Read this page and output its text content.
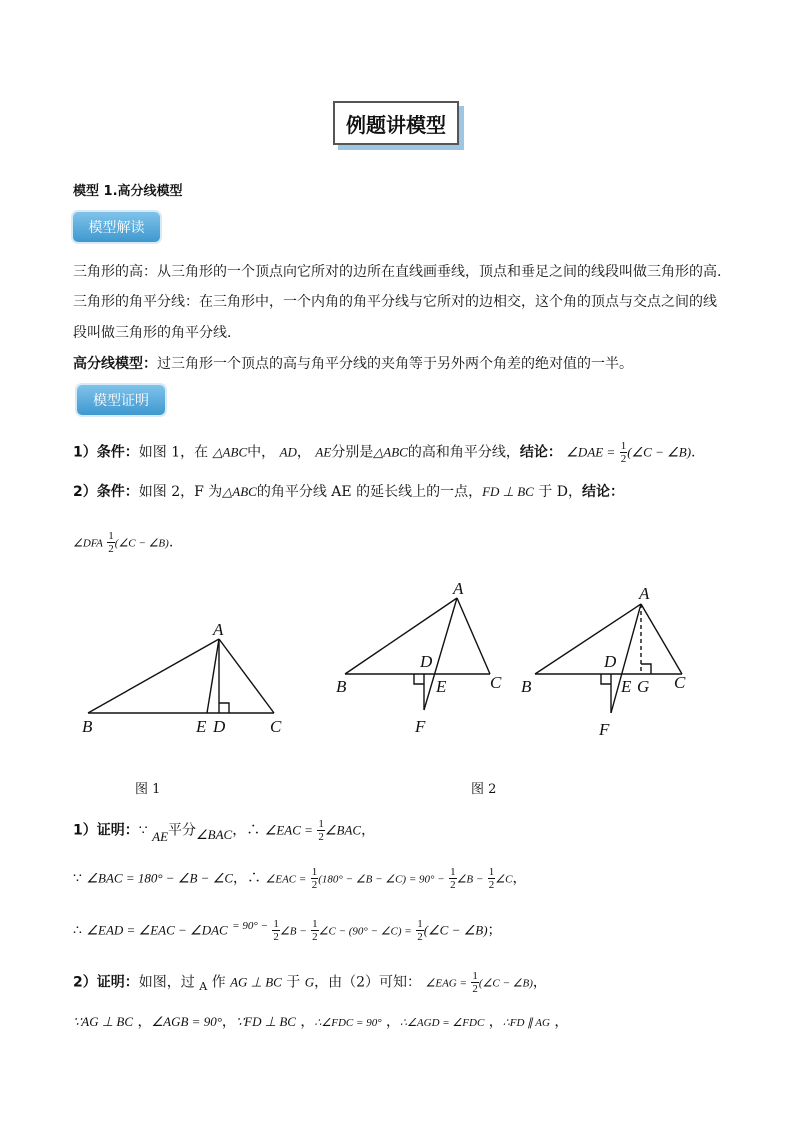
例题讲模型
模型 1.高分线模型
模型解读
三角形的高：从三角形的一个顶点向它所对的边所在直线画垂线，顶点和垂足之间的线段叫做三角形的高.
三角形的角平分线：在三角形中，一个内角的角平分线与它所对的边相交，这个角的顶点与交点之间的线
段叫做三角形的角平分线.
高分线模型：过三角形一个顶点的高与角平分线的夹角等于另外两个角差的绝对值的一半。
模型证明
1）条件：如图 1，在 △ABC中， AD， AE分别是△ABC的高和角平分线，结论： ∠DAE = $\frac{1}{2}$ (∠C − ∠B).
2）条件：如图 2，F 为△ABC的角平分线 AE 的延长线上的一点，FD ⊥ BC 于 D，结论：
∠DFA $\frac{1}{2}$ (∠C − ∠B).
A
B	E D	C
图 1
A
D
B	E	C
F
A
D
B	E G C
F
图 2
1）证明：∵ AE平分∠BAC，∴ ∠EAC = $\frac{1}{2}$ ∠BAC，
∵ ∠BAC = 180° − ∠B − ∠C，∴ ∠EAC = $\frac{1}{2} (180^\circ$ − ∠B − ∠C) = $90^\circ - \frac{1}{2}$ ∠B − $\frac{1}{2}$ ∠C，
∴ ∠EAD = ∠EAC − ∠DAC $^{= 90^\circ -} \frac{1}{2}$ ∠B − $\frac{1}{2}$ ∠C − (90° − ∠C) = $\frac{1}{2}$ (∠C − ∠B)；
2）证明：如图，过 $_A$ 作 AG ⊥ BC 于 G，由（2）可知： ∠EAG = $\frac{1}{2}$ (∠C − ∠B)，
∵AG ⊥ BC ，∠AGB = 90°，∵FD ⊥ BC ，∴∠FDC = 90° ，∴∠AGD = ∠FDC ，∴FD ∥ AG ，
